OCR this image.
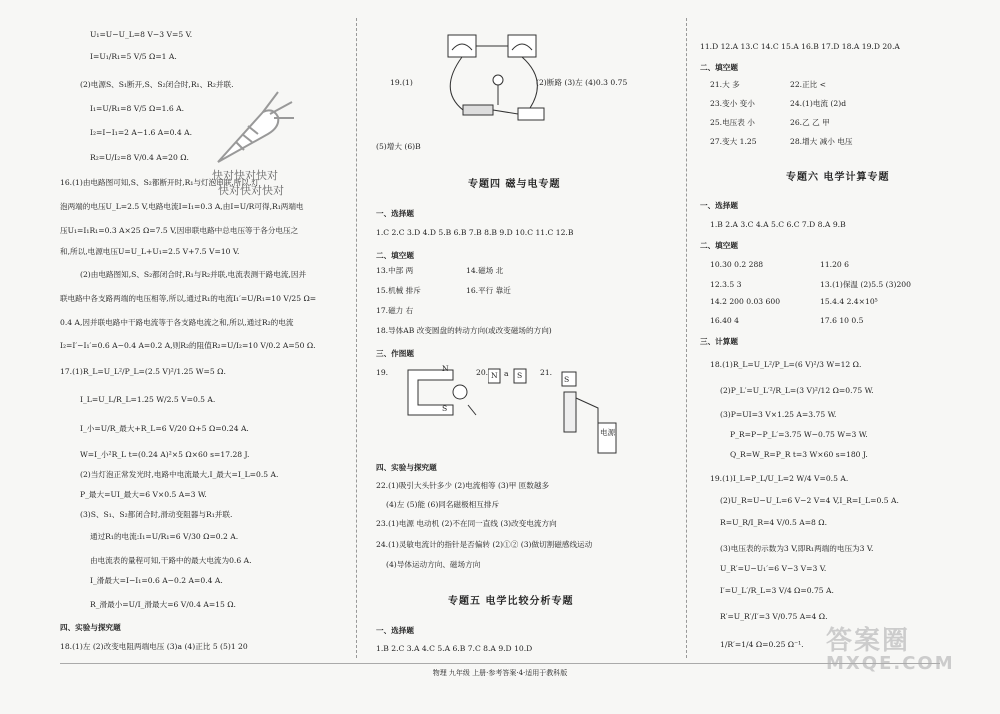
U₁=U−U_L=8 V−3 V=5 V.
I=U₁/R₁=5 V/5 Ω=1 A.
(2)电源S、S₁断开,S、S₂闭合时,R₁、R₂并联.
I₁=U/R₁=8 V/5 Ω=1.6 A.
I₂=I−I₁=2 A−1.6 A=0.4 A.
R₂=U/I₂=8 V/0.4 A=20 Ω.
16.(1)由电路图可知,S、S₂都断开时,R₁与灯泡串联,所以,灯
泡两端的电压U_L=2.5 V,电路电流I=I₁=0.3 A,由I=U/R可得,R₁两端电
压U₁=I₁R₁=0.3 A×25 Ω=7.5 V,因串联电路中总电压等于各分电压之
和,所以,电源电压U=U_L+U₁=2.5 V+7.5 V=10 V.
(2)由电路图知,S、S₂都闭合时,R₁与R₂并联,电流表测干路电流,因并
联电路中各支路两端的电压相等,所以,通过R₁的电流I₁′=U/R₁=10 V/25 Ω=
0.4 A,因并联电路中干路电流等于各支路电流之和,所以,通过R₂的电流
I₂=I′−I₁′=0.6 A−0.4 A=0.2 A,则R₂的阻值R₂=U/I₂=10 V/0.2 A=50 Ω.
17.(1)R_L=U_L²/P_L=(2.5 V)²/1.25 W=5 Ω.
I_L=U_L/R_L=1.25 W/2.5 V=0.5 A.
I_小=U/R_最大+R_L=6 V/20 Ω+5 Ω=0.24 A.
W=I_小²R_L t=(0.24 A)²×5 Ω×60 s=17.28 J.
(2)当灯泡正常发光时,电路中电流最大,I_最大=I_L=0.5 A.
P_最大=UI_最大=6 V×0.5 A=3 W.
(3)S、S₁、S₂都闭合时,滑动变阻器与R₁并联.
通过R₁的电流:I₁=U/R₁=6 V/30 Ω=0.2 A.
由电流表的量程可知,干路中的最大电流为0.6 A.
I_滑最大=I−I₁=0.6 A−0.2 A=0.4 A.
R_滑最小=U/I_滑最大=6 V/0.4 A=15 Ω.
四、实验与探究题
18.(1)左 (2)改变电阻两端电压 (3)a (4)正比 5 (5)1 20
快对快对快对
快对快对快对
19.(1)	(2)断路 (3)左 (4)0.3 0.75
(5)增大 (6)B
专题四 磁与电专题
一、选择题
1.C 2.C 3.D 4.D 5.B 6.B 7.B 8.B 9.D 10.C 11.C 12.B
二、填空题
13.中部 两	14.磁场 北
15.机械 排斥	16.平行 靠近
17.磁力 右
18.导体AB 改变圆盘的转动方向(或改变磁场的方向)
三、作图题
19.	N
S
20. N a S 21.
S
电源
四、实验与探究题
22.(1)吸引大头针多少 (2)电流相等 (3)甲 匝数越多
(4)左 (5)能 (6)同名磁极相互排斥
23.(1)电源 电动机 (2)不在同一直线 (3)改变电流方向
24.(1)灵敏电流计的指针是否偏转 (2)①② (3)做切割磁感线运动
(4)导体运动方向、磁场方向
专题五 电学比较分析专题
一、选择题
1.B 2.C 3.A 4.C 5.A 6.B 7.C 8.A 9.D 10.D
11.D 12.A 13.C 14.C 15.A 16.B 17.D 18.A 19.D 20.A
二、填空题
21.大 多	22.正比 <
23.变小 变小	24.(1)电流 (2)d
25.电压表 小	26.乙 乙 甲
27.变大 1.25	28.增大 减小 电压
专题六 电学计算专题
一、选择题
1.B 2.A 3.C 4.A 5.C 6.C 7.D 8.A 9.B
二、填空题
10.30 0.2 288	11.20 6
12.3.5 3	13.(1)保温 (2)5.5 (3)200
14.2 200 0.03 600	15.4.4 2.4×10⁵
16.40 4	17.6 10 0.5
三、计算题
18.(1)R_L=U_L²/P_L=(6 V)²/3 W=12 Ω.
(2)P_L′=U_L′²/R_L=(3 V)²/12 Ω=0.75 W.
(3)P=UI=3 V×1.25 A=3.75 W.
P_R=P−P_L′=3.75 W−0.75 W=3 W.
Q_R=W_R=P_R t=3 W×60 s=180 J.
19.(1)I_L=P_L/U_L=2 W/4 V=0.5 A.
(2)U_R=U−U_L=6 V−2 V=4 V,I_R=I_L=0.5 A.
R=U_R/I_R=4 V/0.5 A=8 Ω.
(3)电压表的示数为3 V,即R₁两端的电压为3 V.
U_R′=U−U₁′=6 V−3 V=3 V.
I′=U_L′/R_L=3 V/4 Ω=0.75 A.
R′=U_R′/I′=3 V/0.75 A=4 Ω.
1/R′=1/4 Ω=0.25 Ω⁻¹. 答案圈
MXQE.COM
物理 九年级 上册·参考答案·4·适用于教科版
